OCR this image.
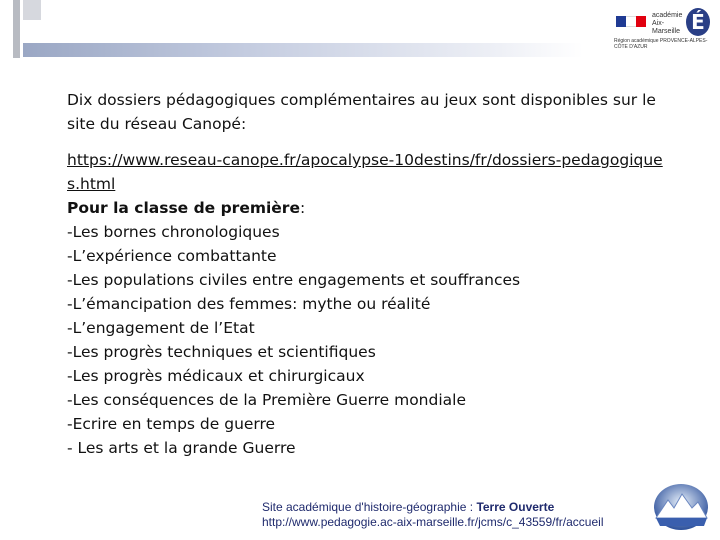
académie Aix-Marseille É
Région académique PROVENCE-ALPES-CÔTE D'AZUR

Dix dossiers pédagogiques complémentaires au jeux sont disponibles sur le site du réseau Canopé:

https://www.reseau-canope.fr/apocalypse-10destins/fr/dossiers-pedagogiques.html
Pour la classe de première:
-Les bornes chronologiques
-L’expérience combattante
-Les populations civiles entre engagements et souffrances
-L’émancipation des femmes: mythe ou réalité
-L’engagement de l’Etat
-Les progrès techniques et scientifiques
-Les progrès médicaux et chirurgicaux
-Les conséquences de la Première Guerre mondiale
-Ecrire en temps de guerre
- Les arts et la grande Guerre
Site académique d'histoire-géographie : Terre Ouverte
http://www.pedagogie.ac-aix-marseille.fr/jcms/c_43559/fr/accueil
